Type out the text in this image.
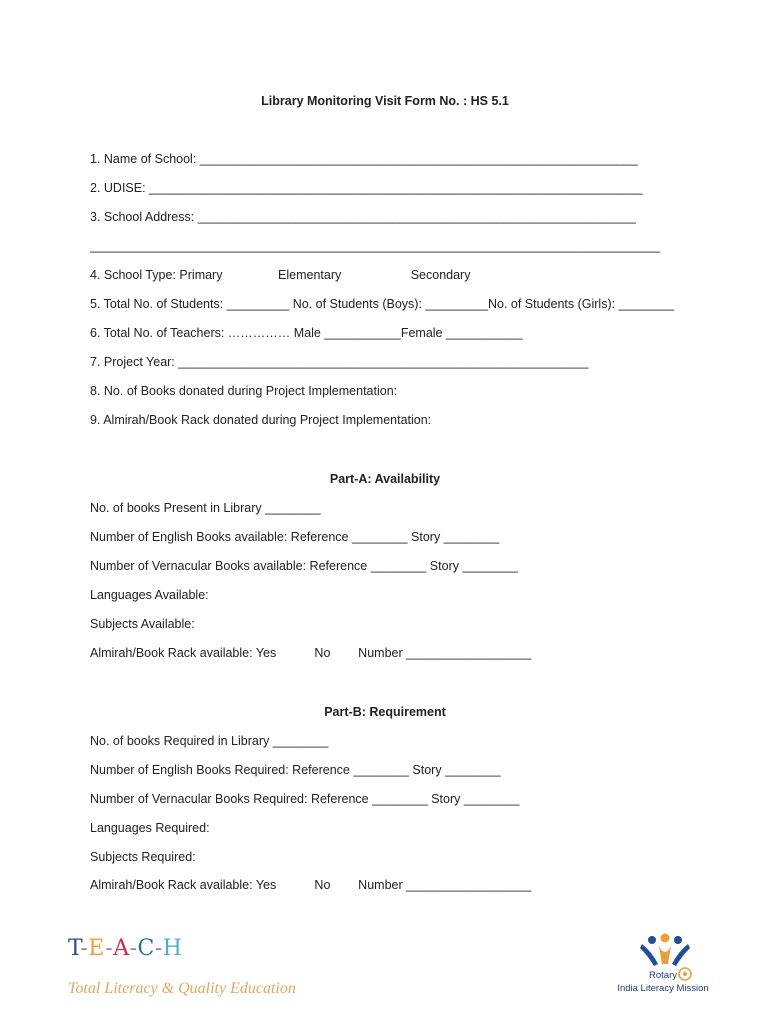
Library Monitoring Visit Form No. : HS 5.1
1. Name of School: _______________________________________________________________
2. UDISE: _______________________________________________________________________
3. School Address: _______________________________________________________________
__________________________________________________________________________________
4. School Type: Primary                Elementary                    Secondary
5. Total No. of Students: _________ No. of Students (Boys): _________No. of Students (Girls): ________
6. Total No. of Teachers: …………… Male ___________Female ___________
7. Project Year: ___________________________________________________________
8. No. of Books donated during Project Implementation:
9. Almirah/Book Rack donated during Project Implementation:
Part-A: Availability
No. of books Present in Library ________
Number of English Books available: Reference ________ Story ________
Number of Vernacular Books available: Reference ________ Story ________
Languages Available:
Subjects Available:
Almirah/Book Rack available: Yes           No        Number __________________
Part-B: Requirement
No. of books Required in Library ________
Number of English Books Required: Reference ________ Story ________
Number of Vernacular Books Required: Reference ________ Story ________
Languages Required:
Subjects Required:
Almirah/Book Rack available: Yes           No        Number __________________
T-E-A-C-H
Total Literacy & Quality Education
Rotary
India Literacy Mission
